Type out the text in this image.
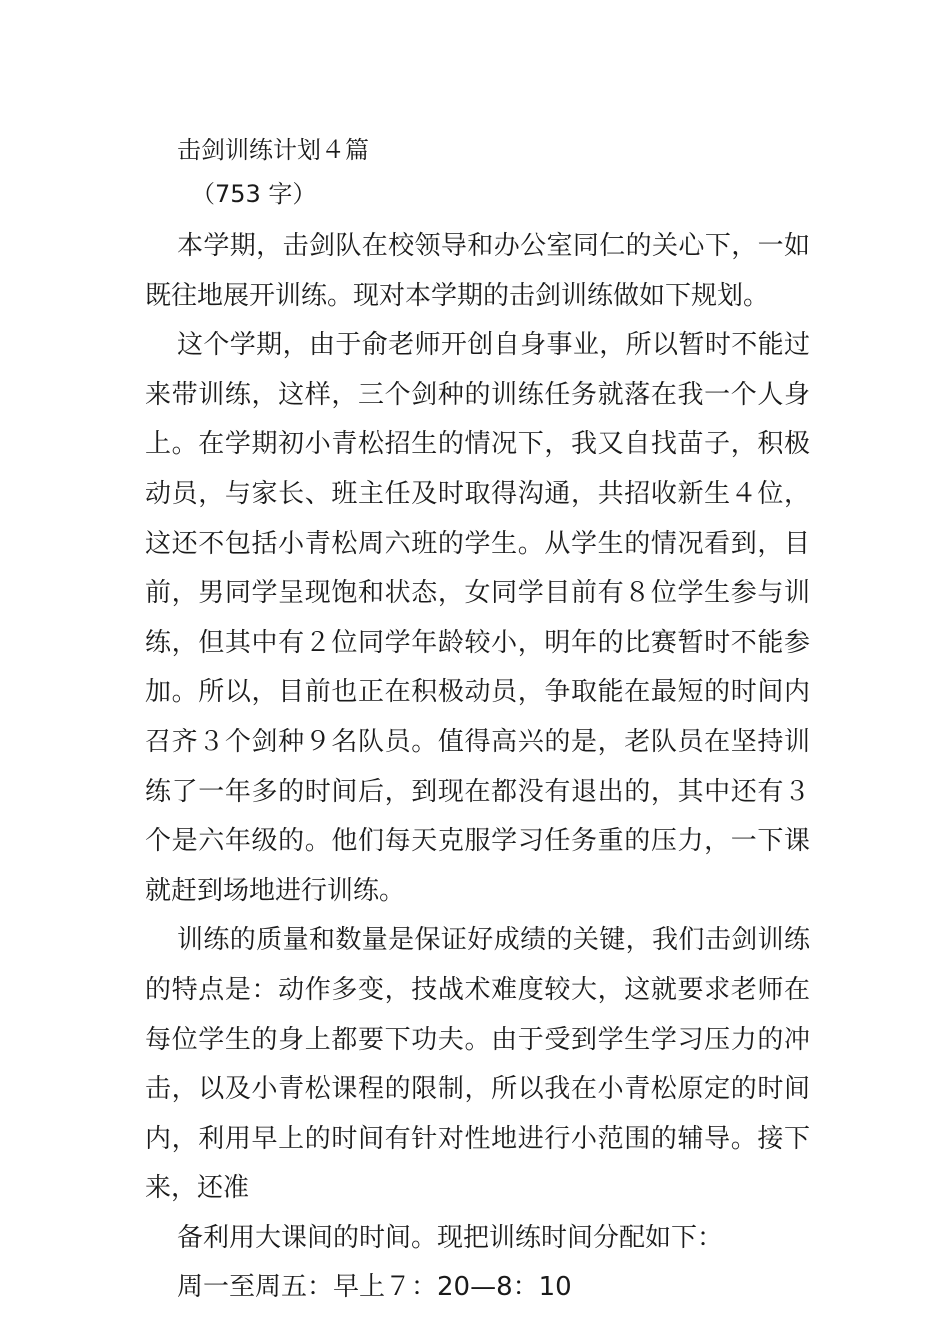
击剑训练计划４篇
（753 字）

本学期，击剑队在校领导和办公室同仁的关心下，一如既往地展开训练。现对本学期的击剑训练做如下规划。

这个学期，由于俞老师开创自身事业，所以暂时不能过来带训练，这样，三个剑种的训练任务就落在我一个人身上。在学期初小青松招生的情况下，我又自找苗子，积极动员，与家长、班主任及时取得沟通，共招收新生４位，这还不包括小青松周六班的学生。从学生的情况看到，目前，男同学呈现饱和状态，女同学目前有８位学生参与训练，但其中有２位同学年龄较小，明年的比赛暂时不能参加。所以，目前也正在积极动员，争取能在最短的时间内召齐３个剑种９名队员。值得高兴的是，老队员在坚持训练了一年多的时间后，到现在都没有退出的，其中还有３个是六年级的。他们每天克服学习任务重的压力，一下课就赶到场地进行训练。

训练的质量和数量是保证好成绩的关键，我们击剑训练的特点是：动作多变，技战术难度较大，这就要求老师在每位学生的身上都要下功夫。由于受到学生学习压力的冲击，以及小青松课程的限制，所以我在小青松原定的时间内，利用早上的时间有针对性地进行小范围的辅导。接下来，还准

备利用大课间的时间。现把训练时间分配如下：
周一至周五：早上７：20—8：10
